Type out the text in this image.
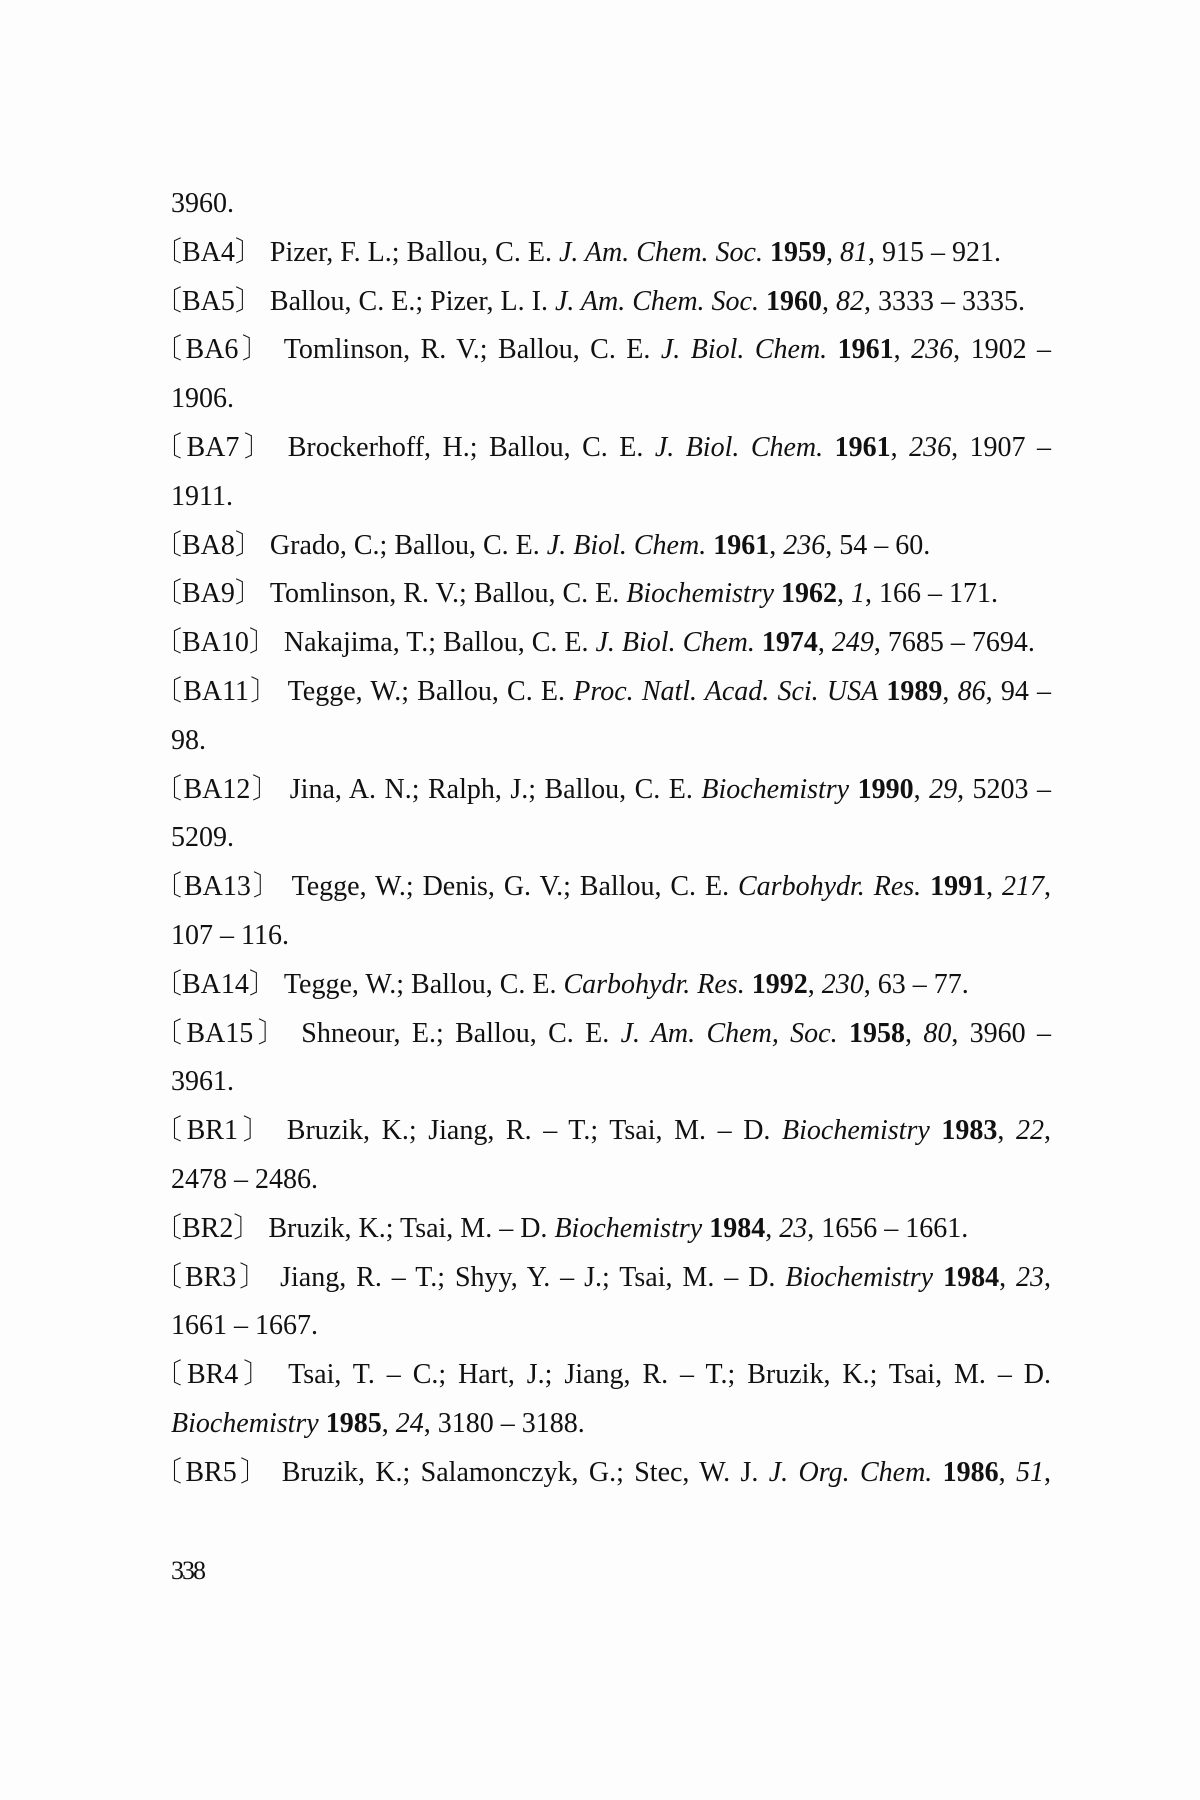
3960.
〔BA4〕 Pizer, F. L.; Ballou, C. E. J. Am. Chem. Soc. 1959, 81, 915 – 921.
〔BA5〕 Ballou, C. E.; Pizer, L. I. J. Am. Chem. Soc. 1960, 82, 3333 – 3335.
〔BA6〕 Tomlinson, R. V.; Ballou, C. E. J. Biol. Chem. 1961, 236, 1902 –
1906.
〔BA7〕 Brockerhoff, H.; Ballou, C. E. J. Biol. Chem. 1961, 236, 1907 –
1911.
〔BA8〕 Grado, C.; Ballou, C. E. J. Biol. Chem. 1961, 236, 54 – 60.
〔BA9〕 Tomlinson, R. V.; Ballou, C. E. Biochemistry 1962, 1, 166 – 171.
〔BA10〕 Nakajima, T.; Ballou, C. E. J. Biol. Chem. 1974, 249, 7685 – 7694.
〔BA11〕 Tegge, W.; Ballou, C. E. Proc. Natl. Acad. Sci. USA 1989, 86, 94 –
98.
〔BA12〕 Jina, A. N.; Ralph, J.; Ballou, C. E. Biochemistry 1990, 29, 5203 –
5209.
〔BA13〕 Tegge, W.; Denis, G. V.; Ballou, C. E. Carbohydr. Res. 1991, 217,
107 – 116.
〔BA14〕 Tegge, W.; Ballou, C. E. Carbohydr. Res. 1992, 230, 63 – 77.
〔BA15〕 Shneour, E.; Ballou, C. E. J. Am. Chem, Soc. 1958, 80, 3960 –
3961.
〔BR1〕 Bruzik, K.; Jiang, R. – T.; Tsai, M. – D. Biochemistry 1983, 22,
2478 – 2486.
〔BR2〕 Bruzik, K.; Tsai, M. – D. Biochemistry 1984, 23, 1656 – 1661.
〔BR3〕 Jiang, R. – T.; Shyy, Y. – J.; Tsai, M. – D. Biochemistry 1984, 23,
1661 – 1667.
〔BR4〕 Tsai, T. – C.; Hart, J.; Jiang, R. – T.; Bruzik, K.; Tsai, M. – D.
Biochemistry 1985, 24, 3180 – 3188.
〔BR5〕 Bruzik, K.; Salamonczyk, G.; Stec, W. J. J. Org. Chem. 1986, 51,
338
